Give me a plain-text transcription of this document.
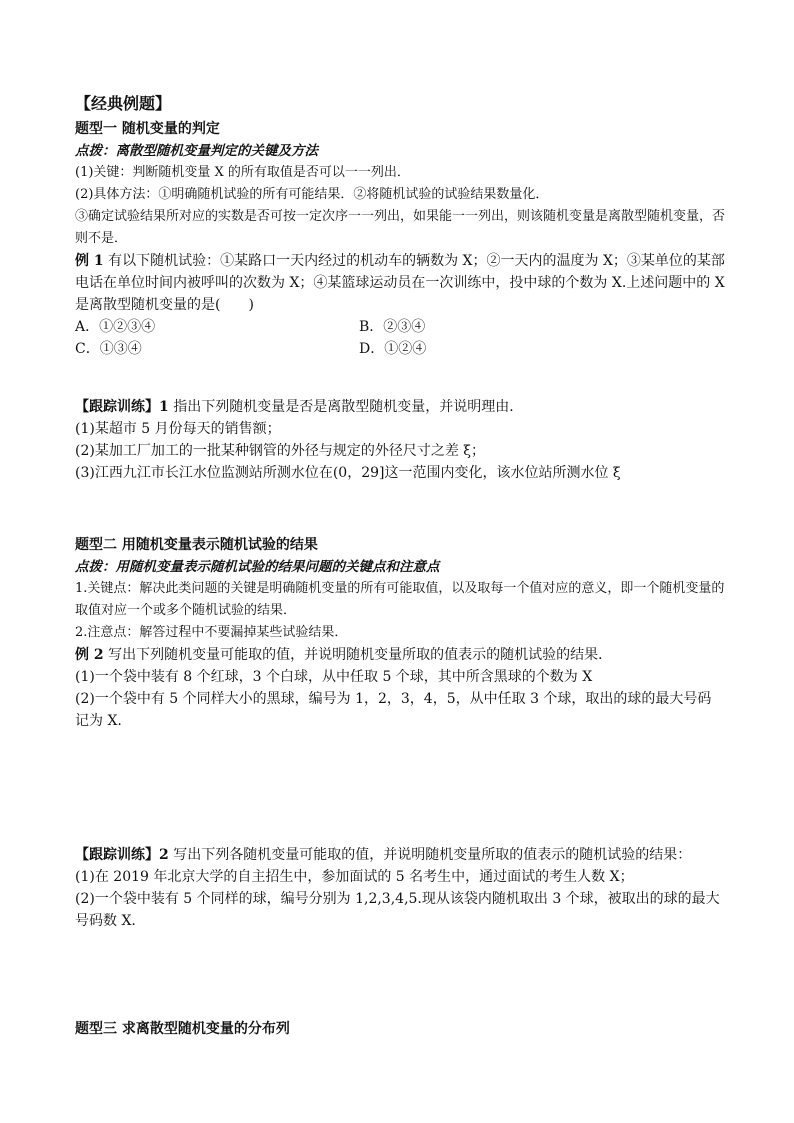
【经典例题】
题型一 随机变量的判定
点拨：离散型随机变量判定的关键及方法
(1)关键：判断随机变量 X 的所有取值是否可以一一列出．
(2)具体方法：①明确随机试验的所有可能结果．②将随机试验的试验结果数量化．
③确定试验结果所对应的实数是否可按一定次序一一列出，如果能一一列出，则该随机变量是离散型随机变量，否则不是．
例 1 有以下随机试验：①某路口一天内经过的机动车的辆数为 X；②一天内的温度为 X；③某单位的某部电话在单位时间内被呼叫的次数为 X；④某篮球运动员在一次训练中，投中球的个数为 X.上述问题中的 X 是离散型随机变量的是(　　)
A．①②③④	B．②③④
C．①③④	D．①②④
【跟踪训练】1 指出下列随机变量是否是离散型随机变量，并说明理由．
(1)某超市 5 月份每天的销售额；
(2)某加工厂加工的一批某种钢管的外径与规定的外径尺寸之差 ξ；
(3)江西九江市长江水位监测站所测水位在(0，29]这一范围内变化，该水位站所测水位 ξ
题型二 用随机变量表示随机试验的结果
点拨：用随机变量表示随机试验的结果问题的关键点和注意点
1.关键点：解决此类问题的关键是明确随机变量的所有可能取值，以及取每一个值对应的意义，即一个随机变量的取值对应一个或多个随机试验的结果．
2.注意点：解答过程中不要漏掉某些试验结果．
例 2 写出下列随机变量可能取的值，并说明随机变量所取的值表示的随机试验的结果．
(1)一个袋中装有 8 个红球，3 个白球，从中任取 5 个球，其中所含黑球的个数为 X
(2)一个袋中有 5 个同样大小的黑球，编号为 1，2，3，4，5，从中任取 3 个球，取出的球的最大号码记为 X.
【跟踪训练】2 写出下列各随机变量可能取的值，并说明随机变量所取的值表示的随机试验的结果：
(1)在 2019 年北京大学的自主招生中，参加面试的 5 名考生中，通过面试的考生人数 X；
(2)一个袋中装有 5 个同样的球，编号分别为 1,2,3,4,5.现从该袋内随机取出 3 个球，被取出的球的最大号码数 X.
题型三 求离散型随机变量的分布列
